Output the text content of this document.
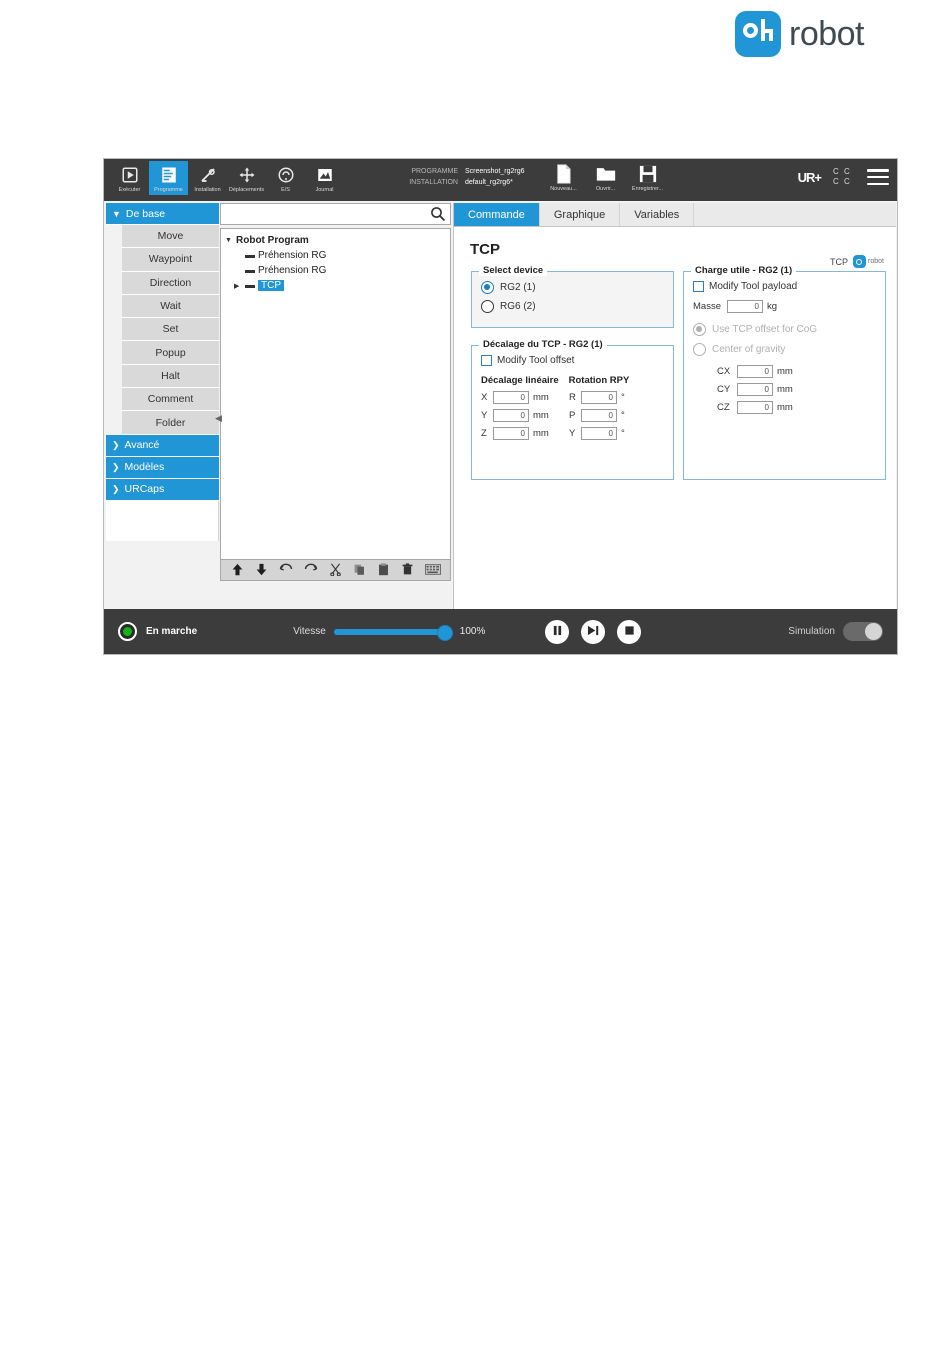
robot
Exécuter	Programme	Installation	Déplacements	E/S	Journal
PROGRAMME Screenshot_rg2rg6
INSTALLATION default_rg2rg6*
Nouveau...	Ouvrir...	Enregistrer...
UR+ C C
C C
▼ De base
Move
Waypoint
Direction
Wait
Set
Popup
Halt
Comment
Folder
❯ Avancé
❯ Modèles
❯ URCaps
▼ Robot Program
▬ Préhension RG
▬ Préhension RG
▶ ▬ TCP
◀
Commande	Graphique	Variables
TCP
TCP	robot
Select device
RG2 (1)
RG6 (2)
Décalage du TCP - RG2 (1)
Modify Tool offset
Décalage linéaire Rotation RPY
X	0 mm	R	0 °
Y	0 mm	P	0 °
Z	0 mm	Y	0 °
Charge utile - RG2 (1)
Modify Tool payload
Masse	0 kg
Use TCP offset for CoG
Center of gravity
CX	0 mm
CY	0 mm
CZ	0 mm
En marche	Vitesse	100%	Simulation
